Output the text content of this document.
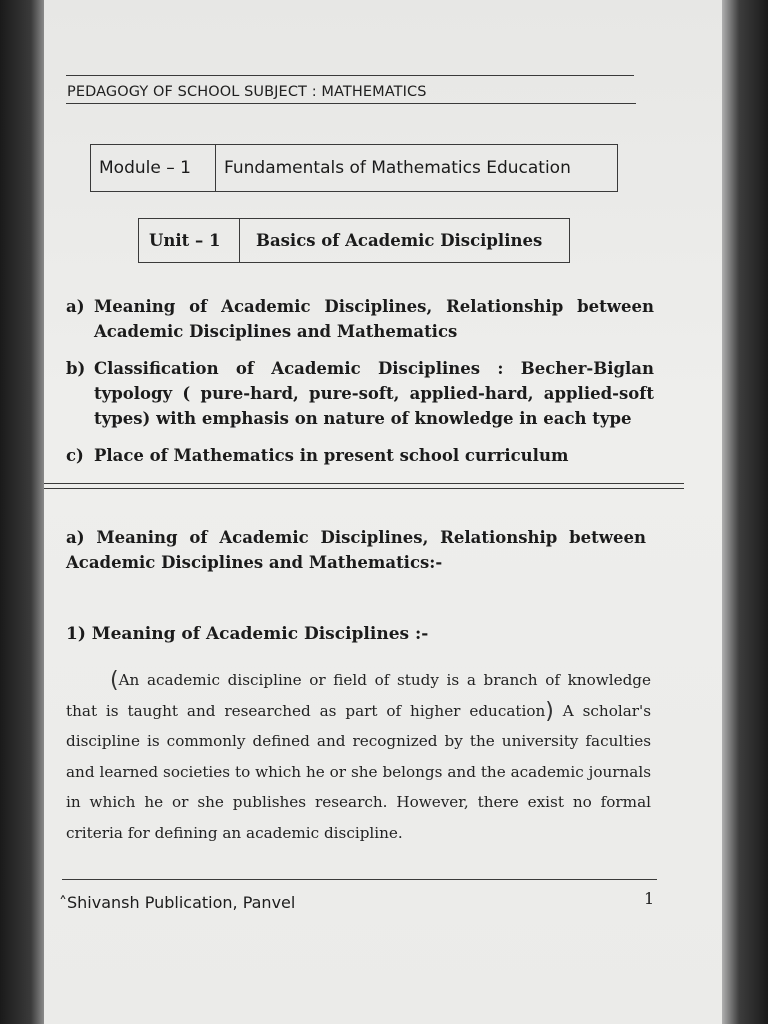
PEDAGOGY OF SCHOOL SUBJECT : MATHEMATICS
Module – 1	Fundamentals of Mathematics Education
Unit – 1	Basics of Academic Disciplines
a) Meaning of Academic Disciplines, Relationship between Academic Disciplines and Mathematics
b) Classification of Academic Disciplines : Becher-Biglan typology ( pure-hard, pure-soft, applied-hard, applied-soft types) with emphasis on nature of knowledge in each type
c) Place of Mathematics in present school curriculum
a) Meaning of Academic Disciplines, Relationship between Academic Disciplines and Mathematics:-
1) Meaning of Academic Disciplines :-
(An academic discipline or field of study is a branch of knowledge that is taught and researched as part of higher education) A scholar's discipline is commonly defined and recognized by the university faculties and learned societies to which he or she belongs and the academic journals in which he or she publishes research. However, there exist no formal criteria for defining an academic discipline.
˄Shivansh Publication, Panvel	1
